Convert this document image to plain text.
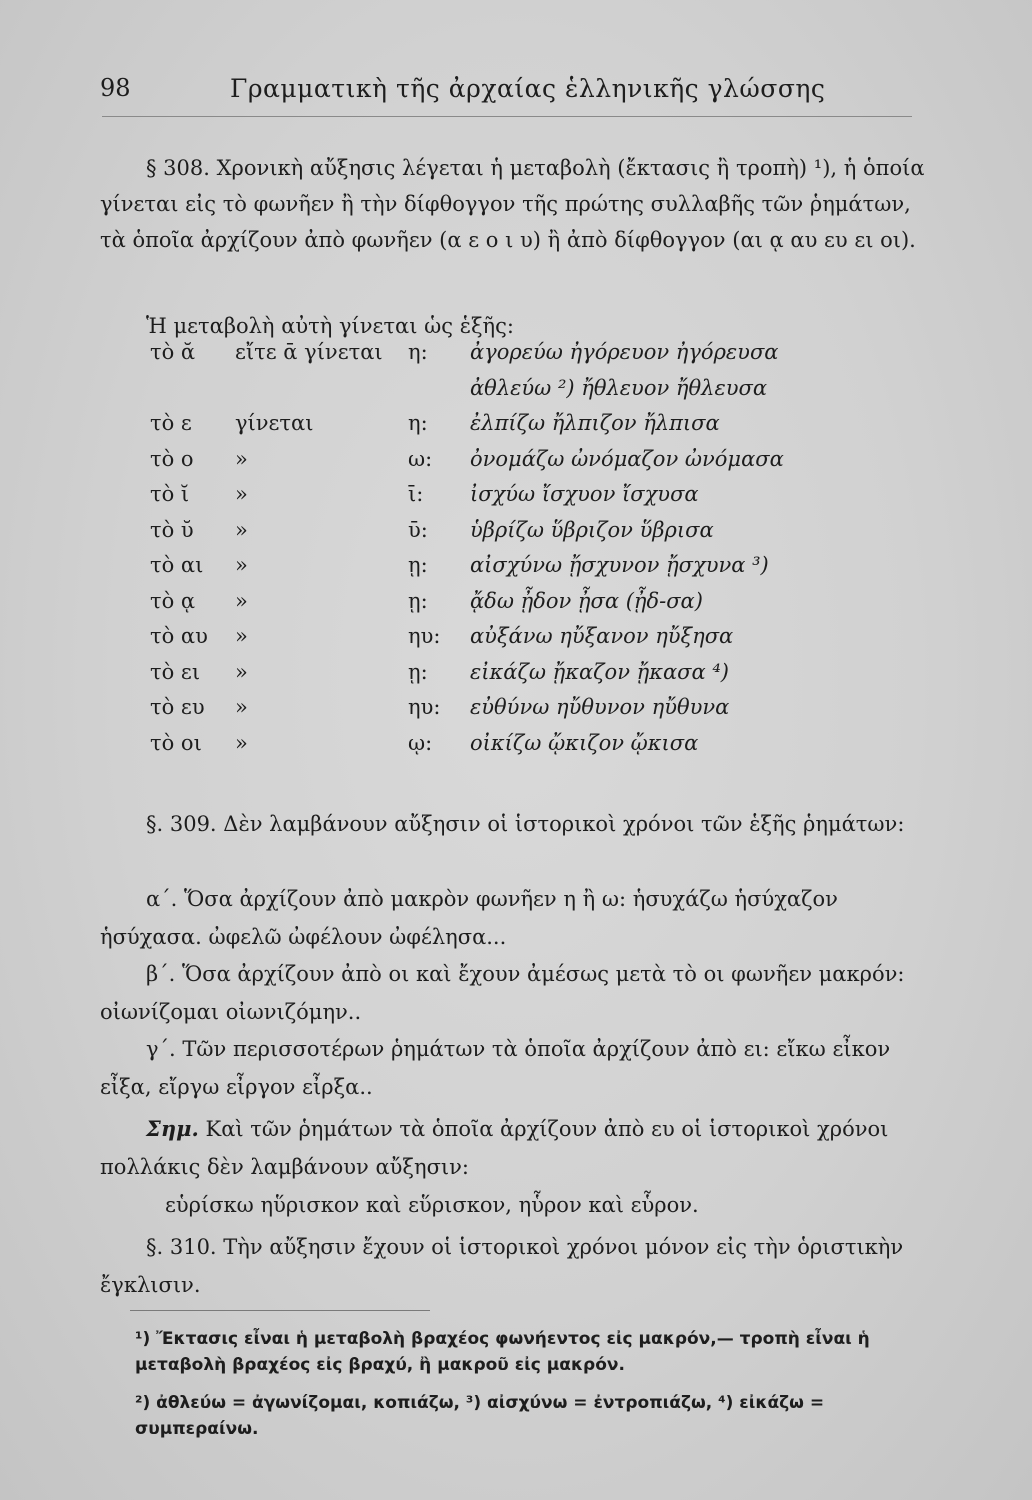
98	Γραμματικὴ τῆς ἀρχαίας ἑλληνικῆς γλώσσης
§ 308. Χρονικὴ αὔξησις λέγεται ἡ μεταβολὴ (ἔκτασις ἢ τροπὴ) ¹), ἡ ὁποία γίνεται εἰς τὸ φωνῆεν ἢ τὴν δίφθογγον τῆς πρώτης συλλαβῆς τῶν ῥημάτων, τὰ ὁποῖα ἀρχίζουν ἀπὸ φωνῆεν (α ε ο ι υ) ἢ ἀπὸ δίφθογγον (αι ᾳ αυ ευ ει οι).
Ἡ μεταβολὴ αὐτὴ γίνεται ὡς ἑξῆς:
τὸ ᾰ εἴτε ᾱ γίνεται η: ἀγορεύω ἠγόρευον ἠγόρευσα
ἀθλεύω ²) ἤθλευον ἤθλευσα
τὸ ε γίνεται	η: ἐλπίζω ἤλπιζον ἤλπισα
τὸ ο »	ω: ὀνομάζω ὠνόμαζον ὠνόμασα
τὸ ῐ »	ῑ: ἰσχύω ἴσχυον ἴσχυσα
τὸ ῠ »	ῡ: ὑβρίζω ὕβριζον ὕβρισα
τὸ αι »	ῃ: αἰσχύνω ᾔσχυνον ᾔσχυνα ³)
τὸ ᾳ »	ῃ: ᾄδω ᾖδον ᾖσα (ᾖδ-σα)
τὸ αυ »	ηυ: αὐξάνω ηὔξανον ηὔξησα
τὸ ει »	ῃ: εἰκάζω ᾔκαζον ᾔκασα ⁴)
τὸ ευ »	ηυ: εὐθύνω ηὔθυνον ηὔθυνα
τὸ οι »	ῳ: οἰκίζω ᾤκιζον ᾤκισα
§. 309. Δὲν λαμβάνουν αὔξησιν οἱ ἱστορικοὶ χρόνοι τῶν ἑξῆς ῥημάτων:
α΄. Ὅσα ἀρχίζουν ἀπὸ μακρὸν φωνῆεν η ἢ ω: ἡσυχάζω ἡσύχαζον ἡσύχασα. ὠφελῶ ὠφέλουν ὠφέλησα...
β΄. Ὅσα ἀρχίζουν ἀπὸ οι καὶ ἔχουν ἀμέσως μετὰ τὸ οι φωνῆεν μακρόν: οἰωνίζομαι οἰωνιζόμην..
γ΄. Τῶν περισσοτέρων ῥημάτων τὰ ὁποῖα ἀρχίζουν ἀπὸ ει: εἴκω εἶκον εἶξα, εἴργω εἶργον εἶρξα..
Σημ. Καὶ τῶν ῥημάτων τὰ ὁποῖα ἀρχίζουν ἀπὸ ευ οἱ ἱστορικοὶ χρόνοι πολλάκις δὲν λαμβάνουν αὔξησιν:
εὑρίσκω ηὕρισκον καὶ εὕρισκον, ηὗρον καὶ εὗρον.
§. 310. Τὴν αὔξησιν ἔχουν οἱ ἱστορικοὶ χρόνοι μόνον εἰς τὴν ὁριστικὴν ἔγκλισιν.
¹) Ἔκτασις εἶναι ἡ μεταβολὴ βραχέος φωνήεντος εἰς μακρόν,— τροπὴ εἶναι ἡ μεταβολὴ βραχέος εἰς βραχύ, ἢ μακροῦ εἰς μακρόν.
²) ἀθλεύω = ἀγωνίζομαι, κοπιάζω, ³) αἰσχύνω = ἐντροπιάζω, ⁴) εἰκάζω = συμπεραίνω.
